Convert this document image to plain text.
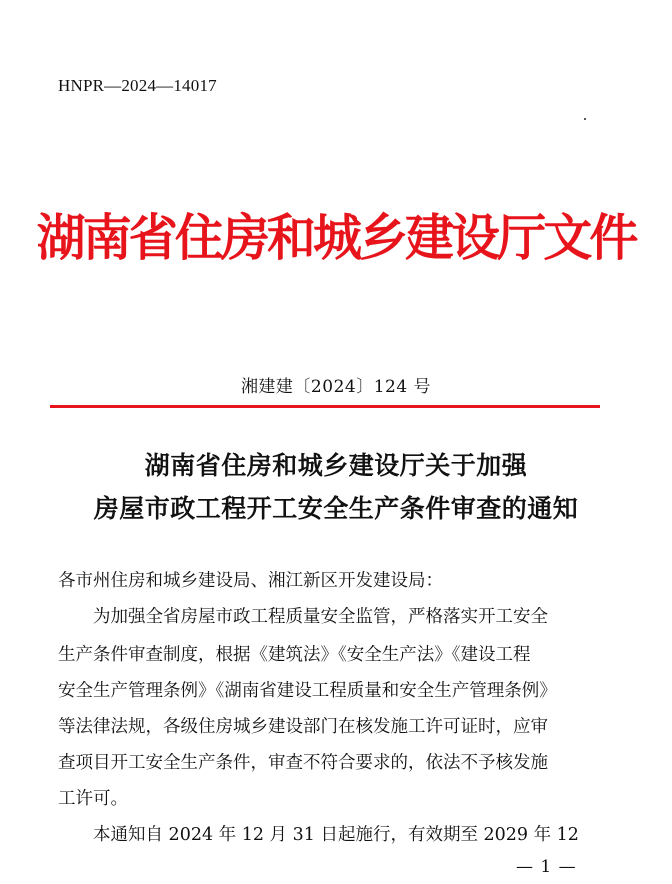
HNPR—2024—14017
湖南省住房和城乡建设厅文件
湘建建〔2024〕124 号
湖南省住房和城乡建设厅关于加强
房屋市政工程开工安全生产条件审查的通知
各市州住房和城乡建设局、湘江新区开发建设局：
　　为加强全省房屋市政工程质量安全监管，严格落实开工安全
生产条件审查制度，根据《建筑法》《安全生产法》《建设工程
安全生产管理条例》《湖南省建设工程质量和安全生产管理条例》
等法律法规，各级住房城乡建设部门在核发施工许可证时，应审
查项目开工安全生产条件，审查不符合要求的，依法不予核发施
工许可。
　　本通知自 2024 年 12 月 31 日起施行，有效期至 2029 年 12
— 1 —
